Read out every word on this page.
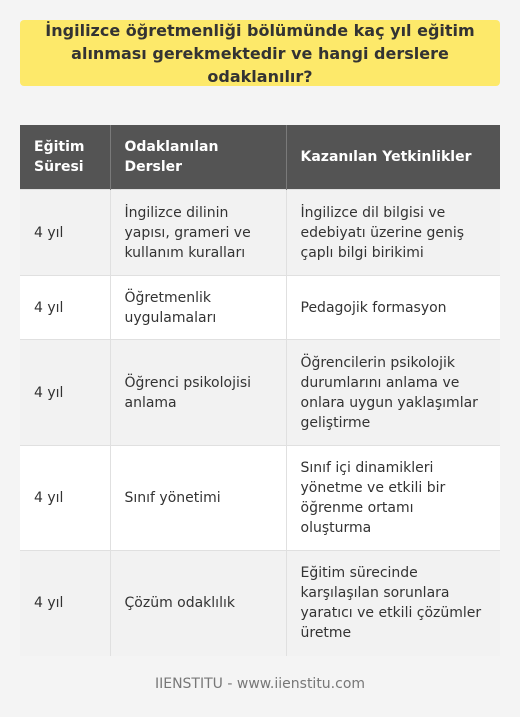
İngilizce öğretmenliği bölümünde kaç yıl eğitim alınması gerekmektedir ve hangi derslere odaklanılır?
Eğitim Süresi	Odaklanılan Dersler	Kazanılan Yetkinlikler
4 yıl	İngilizce dilinin yapısı, grameri ve kullanım kuralları	İngilizce dil bilgisi ve edebiyatı üzerine geniş çaplı bilgi birikimi
4 yıl	Öğretmenlik uygulamaları	Pedagojik formasyon
4 yıl	Öğrenci psikolojisi anlama	Öğrencilerin psikolojik durumlarını anlama ve onlara uygun yaklaşımlar geliştirme
4 yıl	Sınıf yönetimi	Sınıf içi dinamikleri yönetme ve etkili bir öğrenme ortamı oluşturma
4 yıl	Çözüm odaklılık	Eğitim sürecinde karşılaşılan sorunlara yaratıcı ve etkili çözümler üretme
IIENSTITU - www.iienstitu.com
